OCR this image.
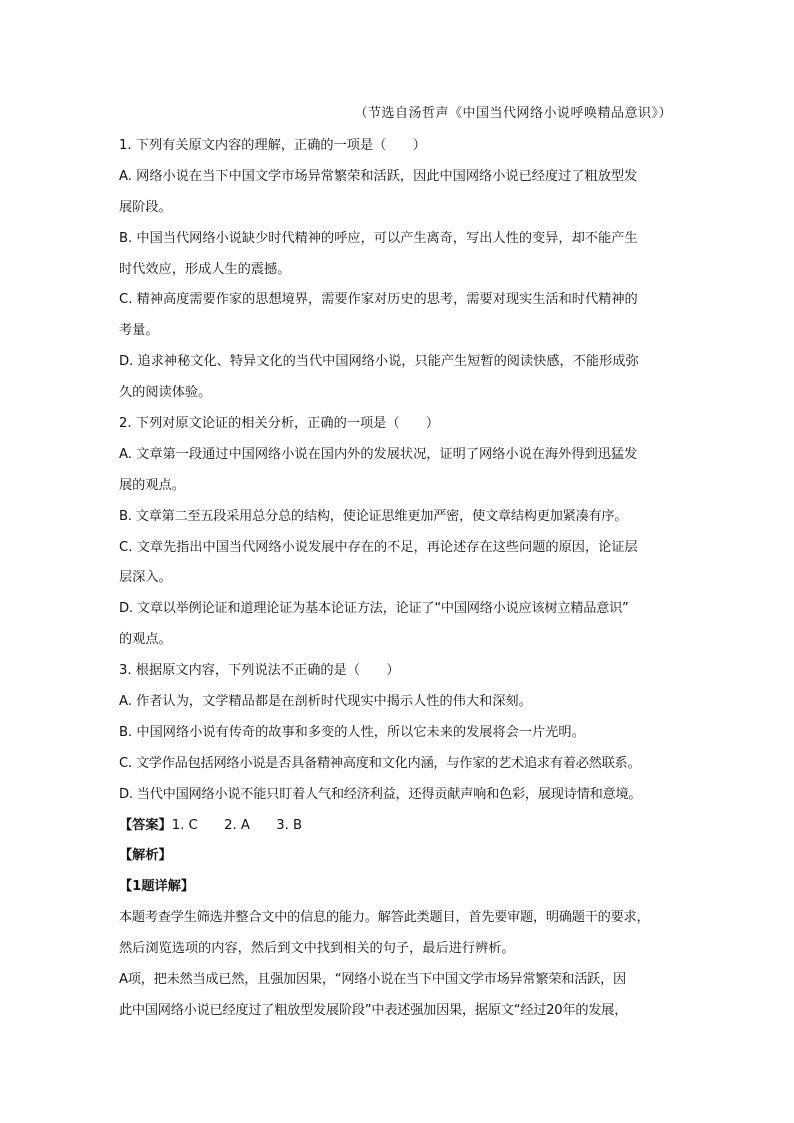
（节选自汤哲声《中国当代网络小说呼唤精品意识》）
1. 下列有关原文内容的理解，正确的一项是（　　）
A. 网络小说在当下中国文学市场异常繁荣和活跃，因此中国网络小说已经度过了粗放型发
展阶段。
B. 中国当代网络小说缺少时代精神的呼应，可以产生离奇，写出人性的变异，却不能产生
时代效应，形成人生的震撼。
C. 精神高度需要作家的思想境界，需要作家对历史的思考，需要对现实生活和时代精神的
考量。
D. 追求神秘文化、特异文化的当代中国网络小说，只能产生短暂的阅读快感，不能形成弥
久的阅读体验。
2. 下列对原文论证的相关分析，正确的一项是（　　）
A. 文章第一段通过中国网络小说在国内外的发展状况，证明了网络小说在海外得到迅猛发
展的观点。
B. 文章第二至五段采用总分总的结构，使论证思维更加严密，使文章结构更加紧凑有序。
C. 文章先指出中国当代网络小说发展中存在的不足，再论述存在这些问题的原因，论证层
层深入。
D. 文章以举例论证和道理论证为基本论证方法，论证了“中国网络小说应该树立精品意识”
的观点。
3. 根据原文内容，下列说法不正确的是（　　）
A. 作者认为，文学精品都是在剖析时代现实中揭示人性的伟大和深刻。
B. 中国网络小说有传奇的故事和多变的人性，所以它未来的发展将会一片光明。
C. 文学作品包括网络小说是否具备精神高度和文化内涵，与作家的艺术追求有着必然联系。
D. 当代中国网络小说不能只盯着人气和经济利益，还得贡献声响和色彩，展现诗情和意境。
【答案】1. C　　2. A　　3. B
【解析】
【1题详解】
本题考查学生筛选并整合文中的信息的能力。解答此类题目，首先要审题，明确题干的要求，
然后浏览选项的内容，然后到文中找到相关的句子，最后进行辨析。
A项，把未然当成已然，且强加因果，“网络小说在当下中国文学市场异常繁荣和活跃，因
此中国网络小说已经度过了粗放型发展阶段”中表述强加因果，据原文“经过20年的发展，
